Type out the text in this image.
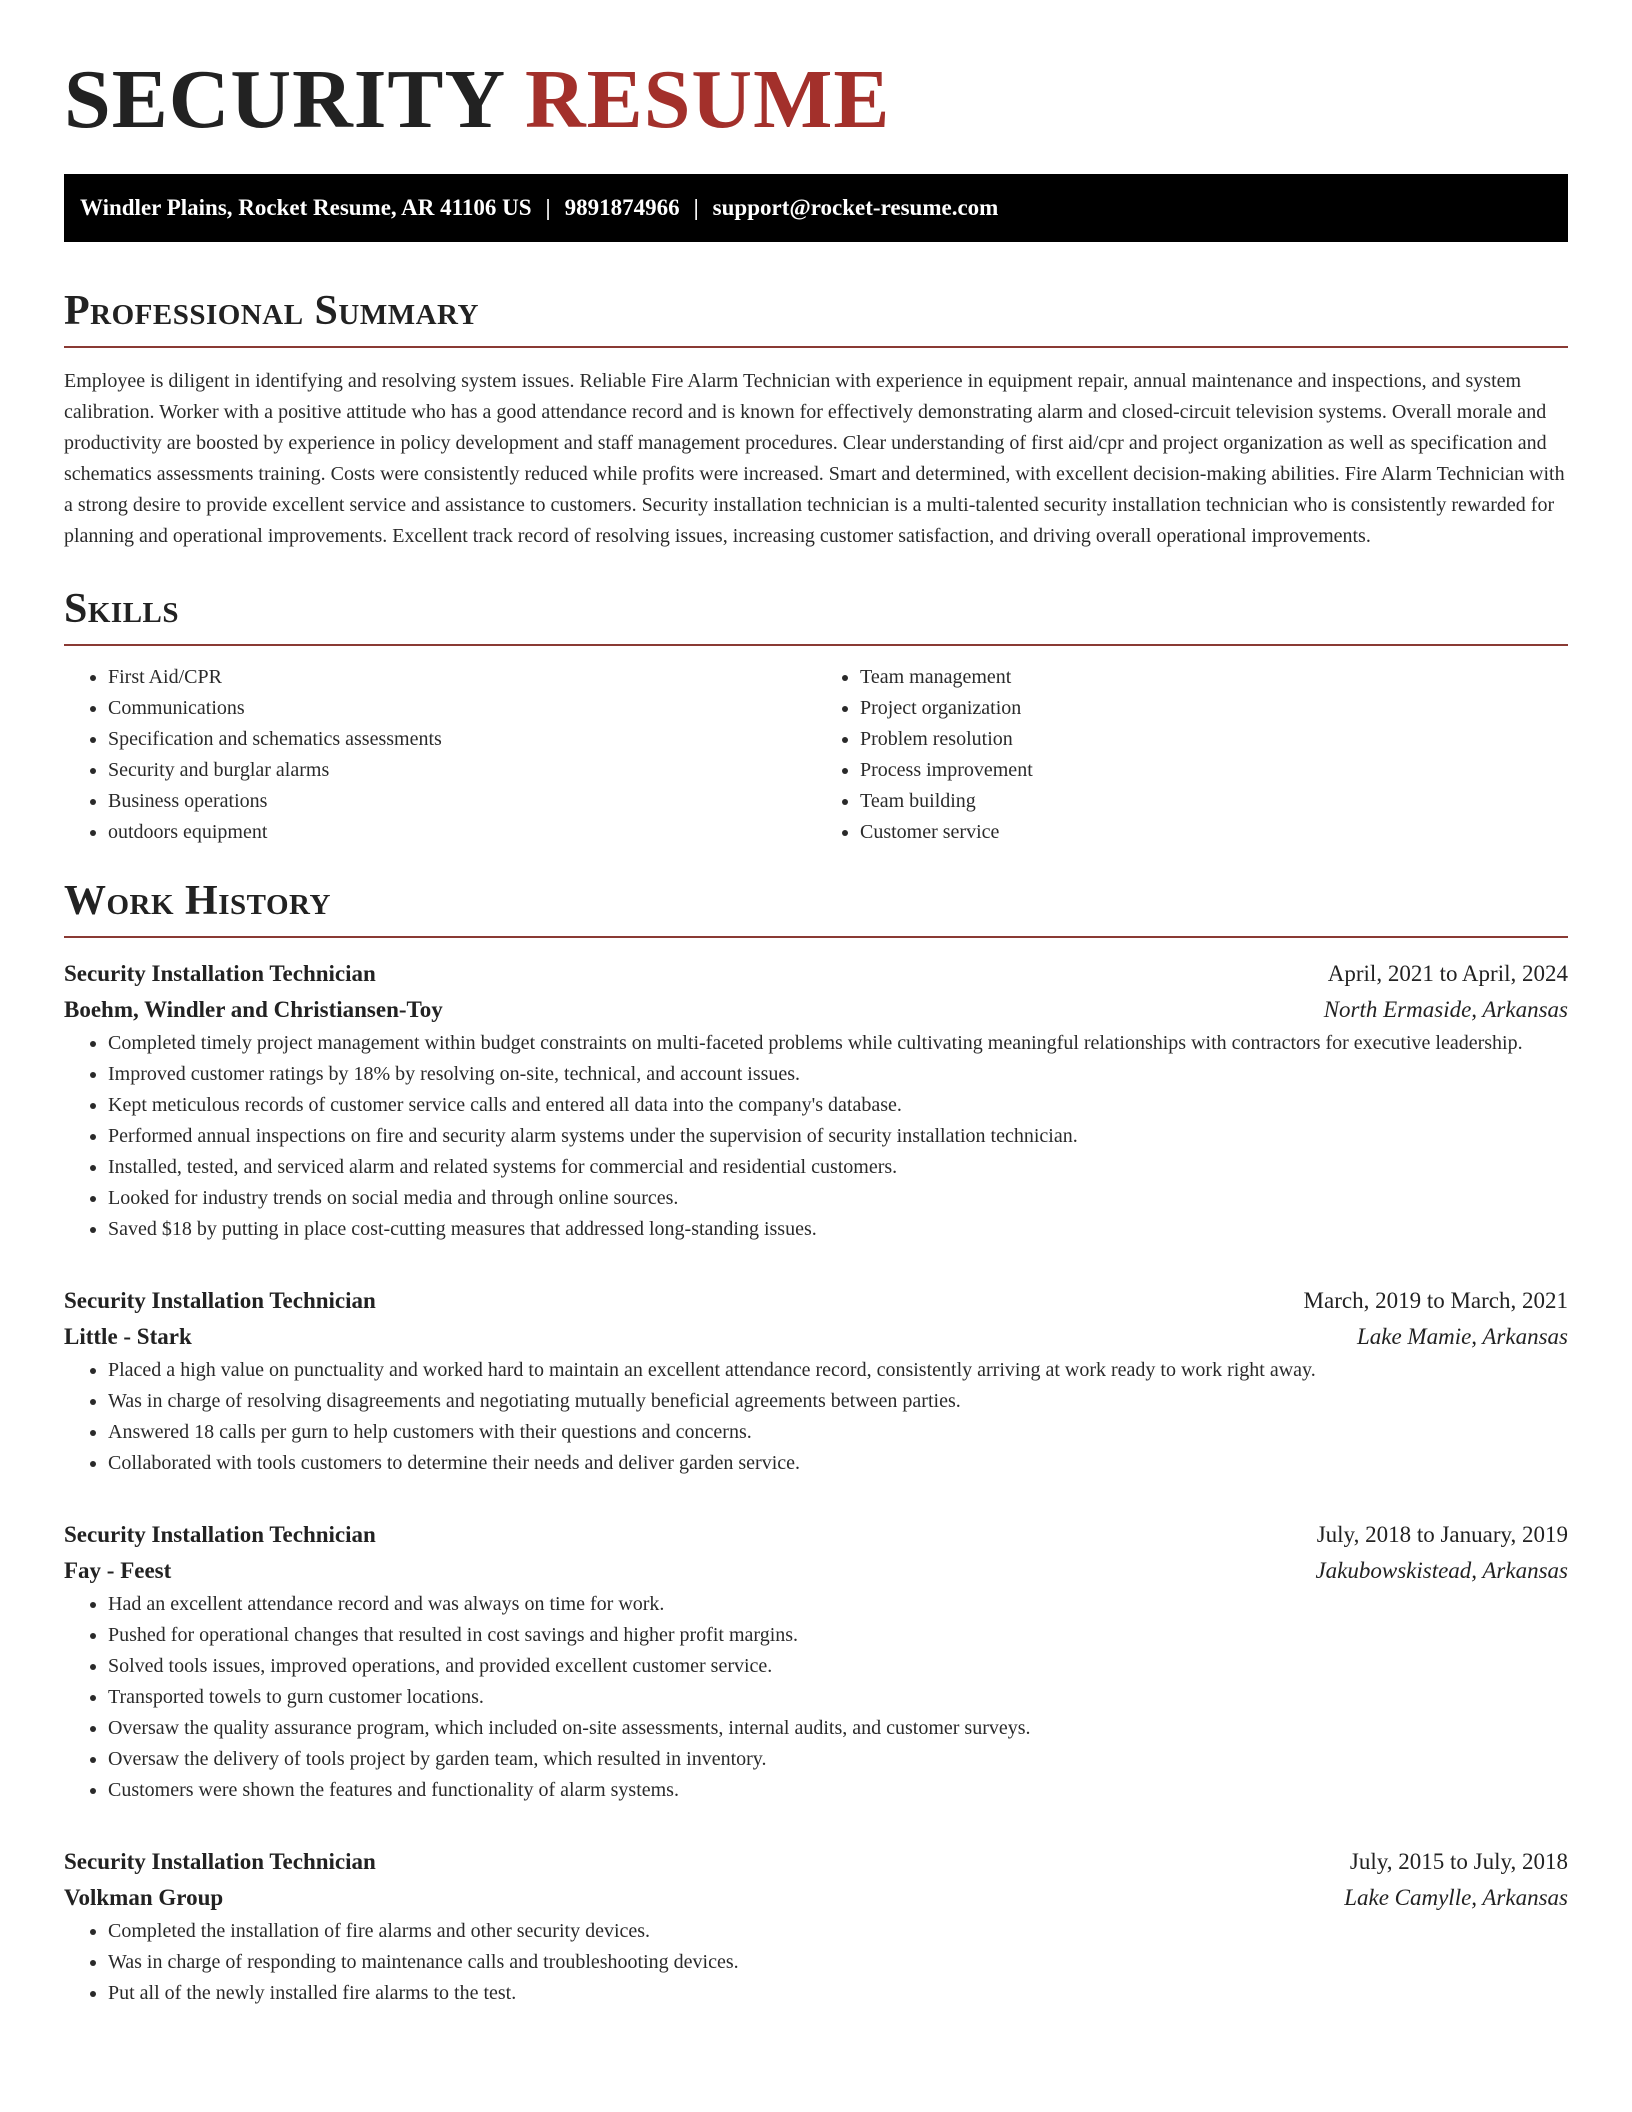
SECURITY RESUME
Windler Plains, Rocket Resume, AR 41106 US | 9891874966 | support@rocket-resume.com
Professional Summary
Employee is diligent in identifying and resolving system issues. Reliable Fire Alarm Technician with experience in equipment repair, annual maintenance and inspections, and system calibration. Worker with a positive attitude who has a good attendance record and is known for effectively demonstrating alarm and closed-circuit television systems. Overall morale and productivity are boosted by experience in policy development and staff management procedures. Clear understanding of first aid/cpr and project organization as well as specification and schematics assessments training. Costs were consistently reduced while profits were increased. Smart and determined, with excellent decision-making abilities. Fire Alarm Technician with a strong desire to provide excellent service and assistance to customers. Security installation technician is a multi-talented security installation technician who is consistently rewarded for planning and operational improvements. Excellent track record of resolving issues, increasing customer satisfaction, and driving overall operational improvements.
Skills
• First Aid/CPR
• Communications
• Specification and schematics assessments
• Security and burglar alarms
• Business operations
• outdoors equipment
• Team management
• Project organization
• Problem resolution
• Process improvement
• Team building
• Customer service
Work History
Security Installation Technician	April, 2021 to April, 2024
Boehm, Windler and Christiansen-Toy	North Ermaside, Arkansas
• Completed timely project management within budget constraints on multi-faceted problems while cultivating meaningful relationships with contractors for executive leadership.
• Improved customer ratings by 18% by resolving on-site, technical, and account issues.
• Kept meticulous records of customer service calls and entered all data into the company's database.
• Performed annual inspections on fire and security alarm systems under the supervision of security installation technician.
• Installed, tested, and serviced alarm and related systems for commercial and residential customers.
• Looked for industry trends on social media and through online sources.
• Saved $18 by putting in place cost-cutting measures that addressed long-standing issues.
Security Installation Technician	March, 2019 to March, 2021
Little - Stark	Lake Mamie, Arkansas
• Placed a high value on punctuality and worked hard to maintain an excellent attendance record, consistently arriving at work ready to work right away.
• Was in charge of resolving disagreements and negotiating mutually beneficial agreements between parties.
• Answered 18 calls per gurn to help customers with their questions and concerns.
• Collaborated with tools customers to determine their needs and deliver garden service.
Security Installation Technician	July, 2018 to January, 2019
Fay - Feest	Jakubowskistead, Arkansas
• Had an excellent attendance record and was always on time for work.
• Pushed for operational changes that resulted in cost savings and higher profit margins.
• Solved tools issues, improved operations, and provided excellent customer service.
• Transported towels to gurn customer locations.
• Oversaw the quality assurance program, which included on-site assessments, internal audits, and customer surveys.
• Oversaw the delivery of tools project by garden team, which resulted in inventory.
• Customers were shown the features and functionality of alarm systems.
Security Installation Technician	July, 2015 to July, 2018
Volkman Group	Lake Camylle, Arkansas
• Completed the installation of fire alarms and other security devices.
• Was in charge of responding to maintenance calls and troubleshooting devices.
• Put all of the newly installed fire alarms to the test.
